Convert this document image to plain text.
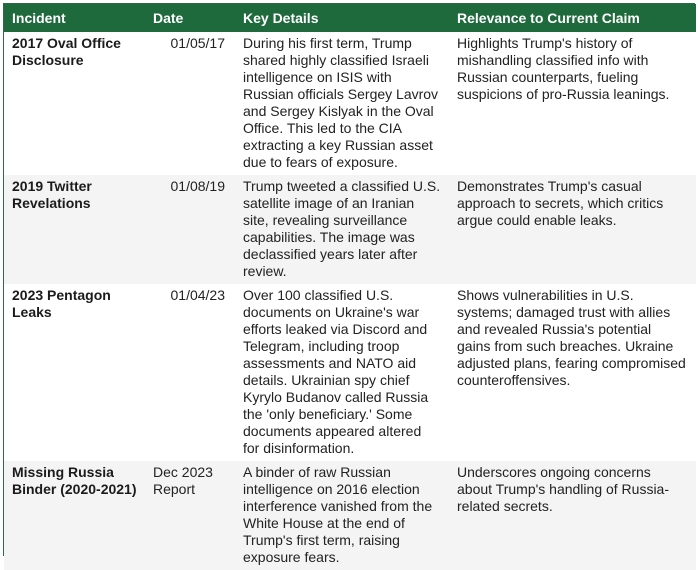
Incident	Date	Key Details	Relevance to Current Claim
2017 Oval Office Disclosure	01/05/17	During his first term, Trump shared highly classified Israeli intelligence on ISIS with Russian officials Sergey Lavrov and Sergey Kislyak in the Oval Office. This led to the CIA extracting a key Russian asset due to fears of exposure.	Highlights Trump's history of mishandling classified info with Russian counterparts, fueling suspicions of pro-Russia leanings.
2019 Twitter Revelations	01/08/19	Trump tweeted a classified U.S. satellite image of an Iranian site, revealing surveillance capabilities. The image was declassified years later after review.	Demonstrates Trump's casual approach to secrets, which critics argue could enable leaks.
2023 Pentagon Leaks	01/04/23	Over 100 classified U.S. documents on Ukraine's war efforts leaked via Discord and Telegram, including troop assessments and NATO aid details. Ukrainian spy chief Kyrylo Budanov called Russia the 'only beneficiary.' Some documents appeared altered for disinformation.	Shows vulnerabilities in U.S. systems; damaged trust with allies and revealed Russia's potential gains from such breaches. Ukraine adjusted plans, fearing compromised counteroffensives.
Missing Russia Binder (2020-2021)	Dec 2023 Report	A binder of raw Russian intelligence on 2016 election interference vanished from the White House at the end of Trump's first term, raising exposure fears.	Underscores ongoing concerns about Trump's handling of Russia-related secrets.
